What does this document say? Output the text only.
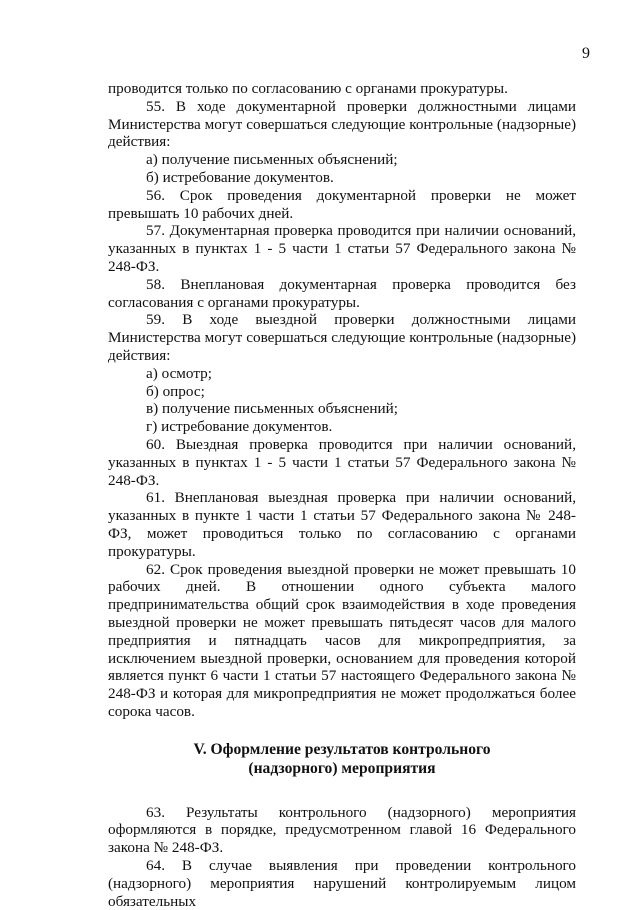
9

проводится только по согласованию с органами прокуратуры.

55. В ходе документарной проверки должностными лицами Министерства могут совершаться следующие контрольные (надзорные) действия:

а) получение письменных объяснений;

б) истребование документов.

56. Срок проведения документарной проверки не может превышать 10 рабочих дней.

57. Документарная проверка проводится при наличии оснований, указанных в пунктах 1 - 5 части 1 статьи 57 Федерального закона № 248-ФЗ.

58. Внеплановая документарная проверка проводится без согласования с органами прокуратуры.

59. В ходе выездной проверки должностными лицами Министерства могут совершаться следующие контрольные (надзорные) действия:

а) осмотр;

б) опрос;

в) получение письменных объяснений;

г) истребование документов.

60. Выездная проверка проводится при наличии оснований, указанных в пунктах 1 - 5 части 1 статьи 57 Федерального закона № 248-ФЗ.

61. Внеплановая выездная проверка при наличии оснований, указанных в пункте 1 части 1 статьи 57 Федерального закона № 248-ФЗ, может проводиться только по согласованию с органами прокуратуры.

62. Срок проведения выездной проверки не может превышать 10 рабочих дней. В отношении одного субъекта малого предпринимательства общий срок взаимодействия в ходе проведения выездной проверки не может превышать пятьдесят часов для малого предприятия и пятнадцать часов для микропредприятия, за исключением выездной проверки, основанием для проведения которой является пункт 6 части 1 статьи 57 настоящего Федерального закона № 248-ФЗ и которая для микропредприятия не может продолжаться более сорока часов.

V. Оформление результатов контрольного
(надзорного) мероприятия

63. Результаты контрольного (надзорного) мероприятия оформляются в порядке, предусмотренном главой 16 Федерального закона № 248-ФЗ.

64. В случае выявления при проведении контрольного (надзорного) мероприятия нарушений контролируемым лицом обязательных
